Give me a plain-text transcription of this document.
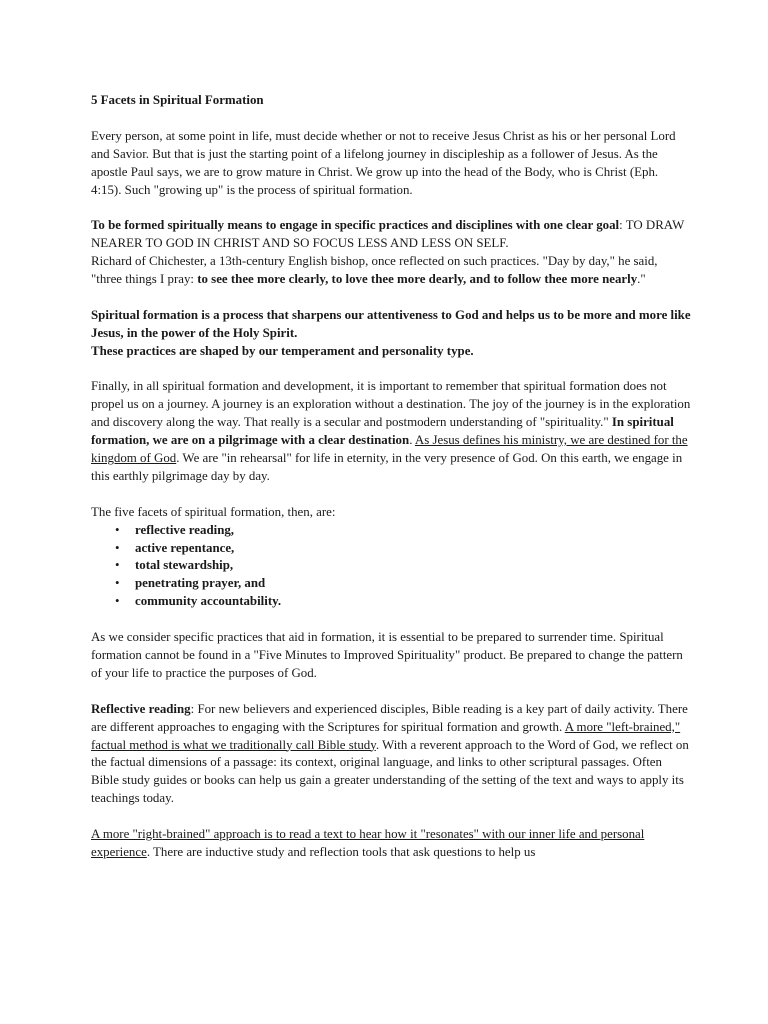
5 Facets in Spiritual Formation

Every person, at some point in life, must decide whether or not to receive Jesus Christ as his or her personal Lord and Savior. But that is just the starting point of a lifelong journey in discipleship as a follower of Jesus. As the apostle Paul says, we are to grow mature in Christ. We grow up into the head of the Body, who is Christ (Eph. 4:15). Such "growing up" is the process of spiritual formation.

To be formed spiritually means to engage in specific practices and disciplines with one clear goal: TO DRAW NEARER TO GOD IN CHRIST AND SO FOCUS LESS AND LESS ON SELF.

Richard of Chichester, a 13th-century English bishop, once reflected on such practices. "Day by day," he said, "three things I pray: to see thee more clearly, to love thee more dearly, and to follow thee more nearly."

Spiritual formation is a process that sharpens our attentiveness to God and helps us to be more and more like Jesus, in the power of the Holy Spirit.

These practices are shaped by our temperament and personality type.

Finally, in all spiritual formation and development, it is important to remember that spiritual formation does not propel us on a journey. A journey is an exploration without a destination. The joy of the journey is in the exploration and discovery along the way. That really is a secular and postmodern understanding of "spirituality." In spiritual formation, we are on a pilgrimage with a clear destination. As Jesus defines his ministry, we are destined for the kingdom of God. We are "in rehearsal" for life in eternity, in the very presence of God. On this earth, we engage in this earthly pilgrimage day by day.

The five facets of spiritual formation, then, are:

• reflective reading,
• active repentance,
• total stewardship,
• penetrating prayer, and
• community accountability.

As we consider specific practices that aid in formation, it is essential to be prepared to surrender time. Spiritual formation cannot be found in a "Five Minutes to Improved Spirituality" product. Be prepared to change the pattern of your life to practice the purposes of God.

Reflective reading: For new believers and experienced disciples, Bible reading is a key part of daily activity. There are different approaches to engaging with the Scriptures for spiritual formation and growth. A more "left-brained," factual method is what we traditionally call Bible study. With a reverent approach to the Word of God, we reflect on the factual dimensions of a passage: its context, original language, and links to other scriptural passages. Often Bible study guides or books can help us gain a greater understanding of the setting of the text and ways to apply its teachings today.

A more "right-brained" approach is to read a text to hear how it "resonates" with our inner life and personal experience. There are inductive study and reflection tools that ask questions to help us
